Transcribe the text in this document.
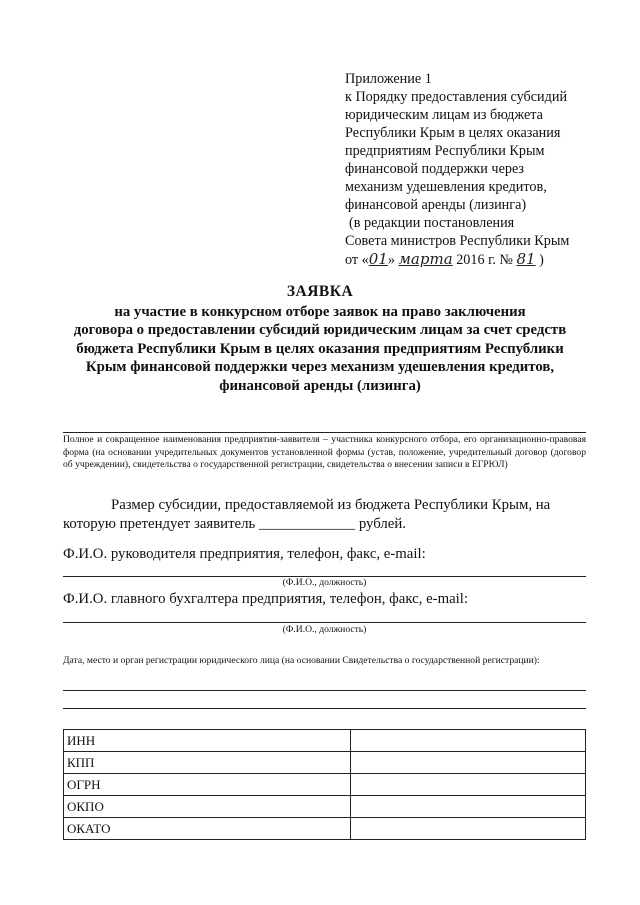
Приложение 1
к Порядку предоставления субсидий
юридическим лицам из бюджета
Республики Крым в целях оказания
предприятиям Республики Крым
финансовой поддержки через
механизм удешевления кредитов,
финансовой аренды (лизинга)
(в редакции постановления
Совета министров Республики Крым
от «01» марта 2016 г. № 81 )
ЗАЯВКА
на участие в конкурсном отборе заявок на право заключения
договора о предоставлении субсидий юридическим лицам за счет средств
бюджета Республики Крым в целях оказания предприятиям Республики
Крым финансовой поддержки через механизм удешевления кредитов,
финансовой аренды (лизинга)
Полное и сокращенное наименования предприятия-заявителя – участника конкурсного отбора, его организационно-правовая форма (на основании учредительных документов установленной формы (устав, положение, учредительный договор (договор об учреждении), свидетельства о государственной регистрации, свидетельства о внесении записи в ЕГРЮЛ)
Размер субсидии, предоставляемой из бюджета Республики Крым, на
которую претендует заявитель _____________ рублей.
Ф.И.О. руководителя предприятия, телефон, факс, e-mail:
(Ф.И.О., должность)
Ф.И.О. главного бухгалтера предприятия, телефон, факс, e-mail:
(Ф.И.О., должность)
Дата, место и орган регистрации юридического лица (на основании Свидетельства о государственной регистрации):
ИНН	
КПП	
ОГРН	
ОКПО	
ОКАТО	
